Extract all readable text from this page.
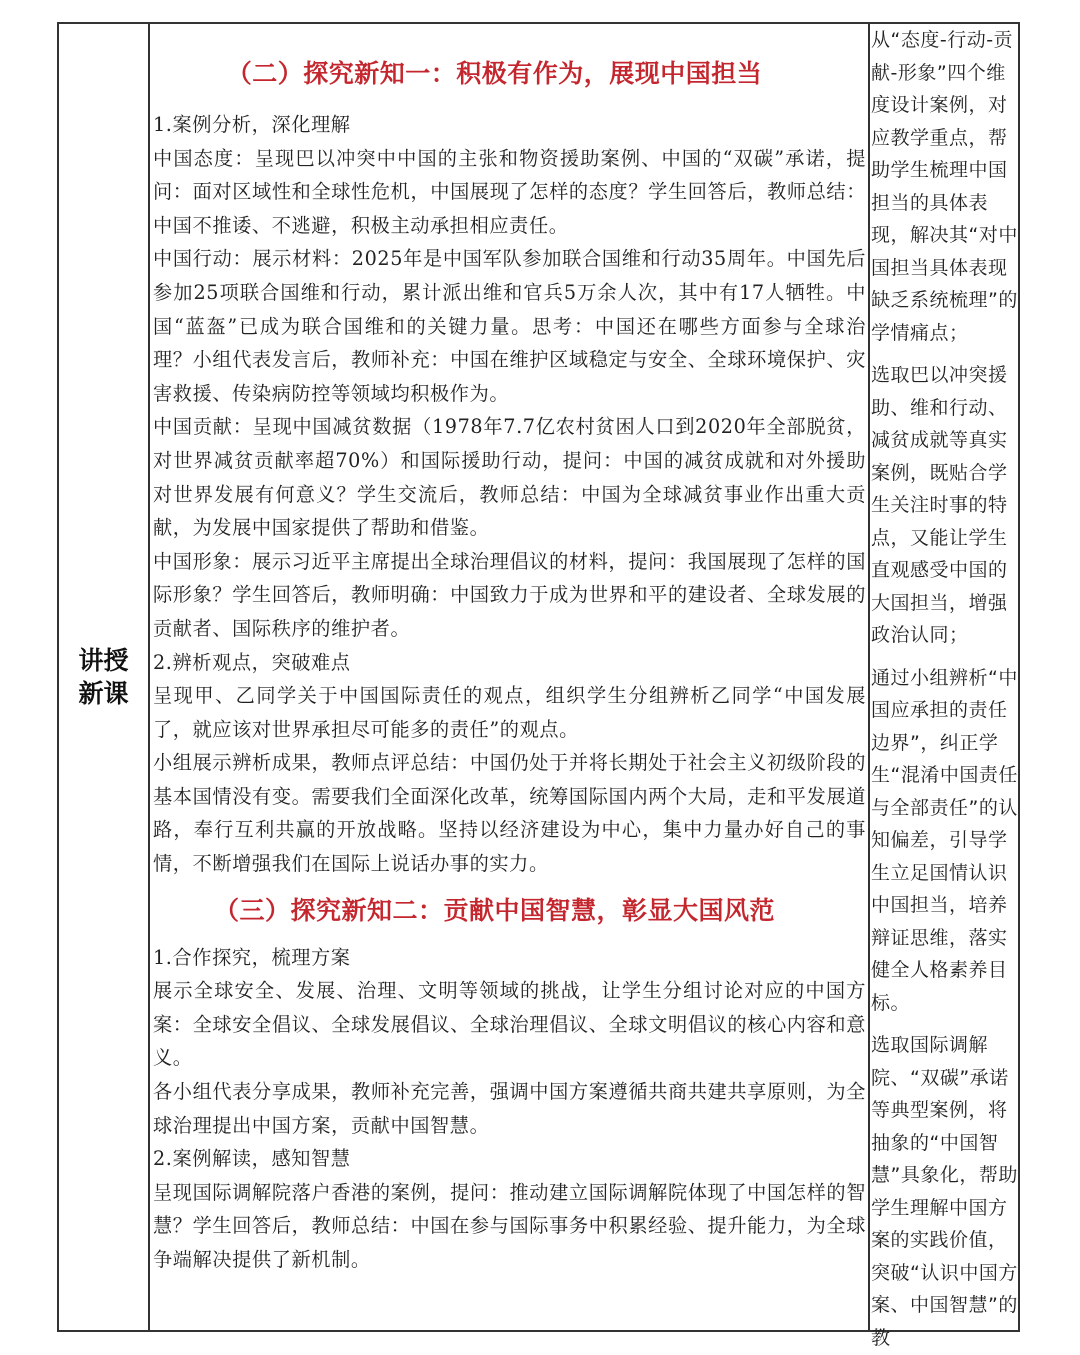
讲授
新课
（二）探究新知一：积极有作为，展现中国担当

1.案例分析，深化理解

中国态度：呈现巴以冲突中中国的主张和物资援助案例、中国的“双碳”承诺，提问：面对区域性和全球性危机，中国展现了怎样的态度？学生回答后，教师总结：中国不推诿、不逃避，积极主动承担相应责任。

中国行动：展示材料：2025年是中国军队参加联合国维和行动35周年。中国先后参加25项联合国维和行动，累计派出维和官兵5万余人次，其中有17人牺牲。中国“蓝盔”已成为联合国维和的关键力量。思考：中国还在哪些方面参与全球治理？小组代表发言后，教师补充：中国在维护区域稳定与安全、全球环境保护、灾害救援、传染病防控等领域均积极作为。

中国贡献：呈现中国减贫数据（1978年7.7亿农村贫困人口到2020年全部脱贫，对世界减贫贡献率超70%）和国际援助行动，提问：中国的减贫成就和对外援助对世界发展有何意义？学生交流后，教师总结：中国为全球减贫事业作出重大贡献，为发展中国家提供了帮助和借鉴。

中国形象：展示习近平主席提出全球治理倡议的材料，提问：我国展现了怎样的国际形象？学生回答后，教师明确：中国致力于成为世界和平的建设者、全球发展的贡献者、国际秩序的维护者。

2.辨析观点，突破难点

呈现甲、乙同学关于中国国际责任的观点，组织学生分组辨析乙同学“中国发展了，就应该对世界承担尽可能多的责任”的观点。

小组展示辨析成果，教师点评总结：中国仍处于并将长期处于社会主义初级阶段的基本国情没有变。需要我们全面深化改革，统筹国际国内两个大局，走和平发展道路，奉行互利共赢的开放战略。坚持以经济建设为中心，集中力量办好自己的事情，不断增强我们在国际上说话办事的实力。

（三）探究新知二：贡献中国智慧，彰显大国风范

1.合作探究，梳理方案

展示全球安全、发展、治理、文明等领域的挑战，让学生分组讨论对应的中国方案：全球安全倡议、全球发展倡议、全球治理倡议、全球文明倡议的核心内容和意义。

各小组代表分享成果，教师补充完善，强调中国方案遵循共商共建共享原则，为全球治理提出中国方案，贡献中国智慧。

2.案例解读，感知智慧

呈现国际调解院落户香港的案例，提问：推动建立国际调解院体现了中国怎样的智慧？学生回答后，教师总结：中国在参与国际事务中积累经验、提升能力，为全球争端解决提供了新机制。

从“态度-行动-贡献-形象”四个维度设计案例，对应教学重点，帮助学生梳理中国担当的具体表现，解决其“对中国担当具体表现缺乏系统梳理”的学情痛点；

选取巴以冲突援助、维和行动、减贫成就等真实案例，既贴合学生关注时事的特点，又能让学生直观感受中国的大国担当，增强政治认同；

通过小组辨析“中国应承担的责任边界”，纠正学生“混淆中国责任与全部责任”的认知偏差，引导学生立足国情认识中国担当，培养辩证思维，落实健全人格素养目标。

选取国际调解院、“双碳”承诺等典型案例，将抽象的“中国智慧”具象化，帮助学生理解中国方案的实践价值，突破“认识中国方案、中国智慧”的教
